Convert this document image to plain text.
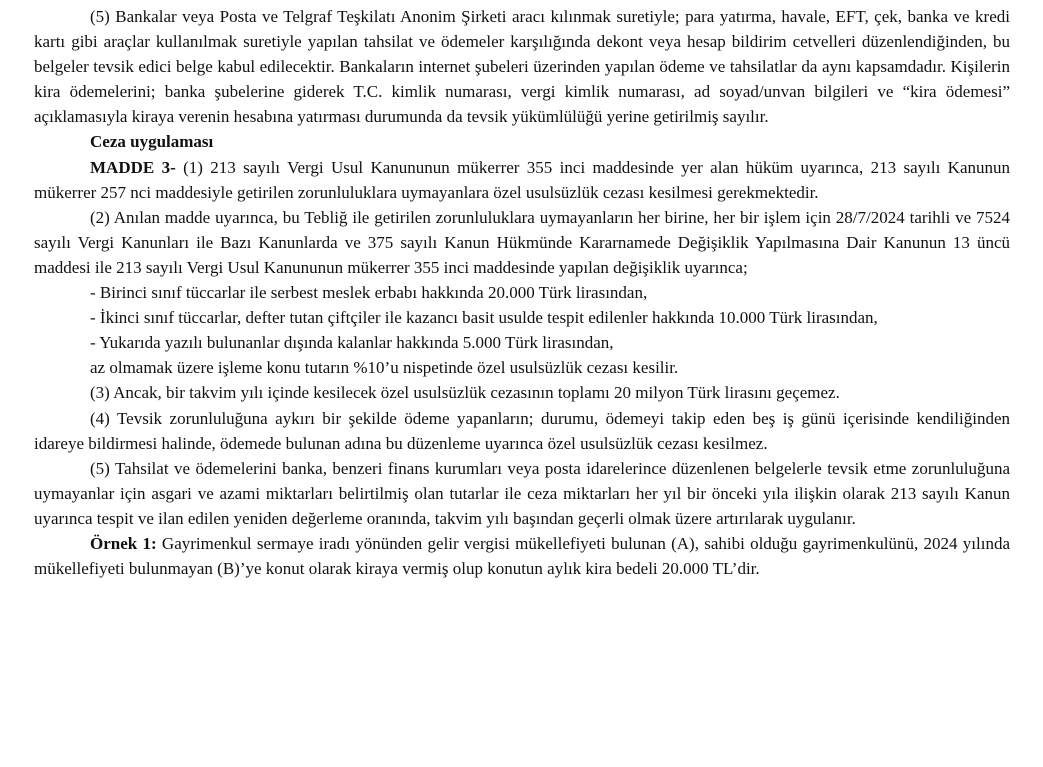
(5) Bankalar veya Posta ve Telgraf Teşkilatı Anonim Şirketi aracı kılınmak suretiyle; para yatırma, havale, EFT, çek, banka ve kredi kartı gibi araçlar kullanılmak suretiyle yapılan tahsilat ve ödemeler karşılığında dekont veya hesap bildirim cetvelleri düzenlendiğinden, bu belgeler tevsik edici belge kabul edilecektir. Bankaların internet şubeleri üzerinden yapılan ödeme ve tahsilatlar da aynı kapsamdadır. Kişilerin kira ödemelerini; banka şubelerine giderek T.C. kimlik numarası, vergi kimlik numarası, ad soyad/unvan bilgileri ve “kira ödemesi” açıklamasıyla kiraya verenin hesabına yatırması durumunda da tevsik yükümlülüğü yerine getirilmiş sayılır.

Ceza uygulaması

MADDE 3- (1) 213 sayılı Vergi Usul Kanununun mükerrer 355 inci maddesinde yer alan hüküm uyarınca, 213 sayılı Kanunun mükerrer 257 nci maddesiyle getirilen zorunluluklara uymayanlara özel usulsüzlük cezası kesilmesi gerekmektedir.

(2) Anılan madde uyarınca, bu Tebliğ ile getirilen zorunluluklara uymayanların her birine, her bir işlem için 28/7/2024 tarihli ve 7524 sayılı Vergi Kanunları ile Bazı Kanunlarda ve 375 sayılı Kanun Hükmünde Kararnamede Değişiklik Yapılmasına Dair Kanunun 13 üncü maddesi ile 213 sayılı Vergi Usul Kanununun mükerrer 355 inci maddesinde yapılan değişiklik uyarınca;

- Birinci sınıf tüccarlar ile serbest meslek erbabı hakkında 20.000 Türk lirasından,

- İkinci sınıf tüccarlar, defter tutan çiftçiler ile kazancı basit usulde tespit edilenler hakkında 10.000 Türk lirasından,

- Yukarıda yazılı bulunanlar dışında kalanlar hakkında 5.000 Türk lirasından,

az olmamak üzere işleme konu tutarın %10’u nispetinde özel usulsüzlük cezası kesilir.

(3) Ancak, bir takvim yılı içinde kesilecek özel usulsüzlük cezasının toplamı 20 milyon Türk lirasını geçemez.

(4) Tevsik zorunluluğuna aykırı bir şekilde ödeme yapanların; durumu, ödemeyi takip eden beş iş günü içerisinde kendiliğinden idareye bildirmesi halinde, ödemede bulunan adına bu düzenleme uyarınca özel usulsüzlük cezası kesilmez.

(5) Tahsilat ve ödemelerini banka, benzeri finans kurumları veya posta idarelerince düzenlenen belgelerle tevsik etme zorunluluğuna uymayanlar için asgari ve azami miktarları belirtilmiş olan tutarlar ile ceza miktarları her yıl bir önceki yıla ilişkin olarak 213 sayılı Kanun uyarınca tespit ve ilan edilen yeniden değerleme oranında, takvim yılı başından geçerli olmak üzere artırılarak uygulanır.

Örnek 1: Gayrimenkul sermaye iradı yönünden gelir vergisi mükellefiyeti bulunan (A), sahibi olduğu gayrimenkulünü, 2024 yılında mükellefiyeti bulunmayan (B)’ye konut olarak kiraya vermiş olup konutun aylık kira bedeli 20.000 TL’dir.
